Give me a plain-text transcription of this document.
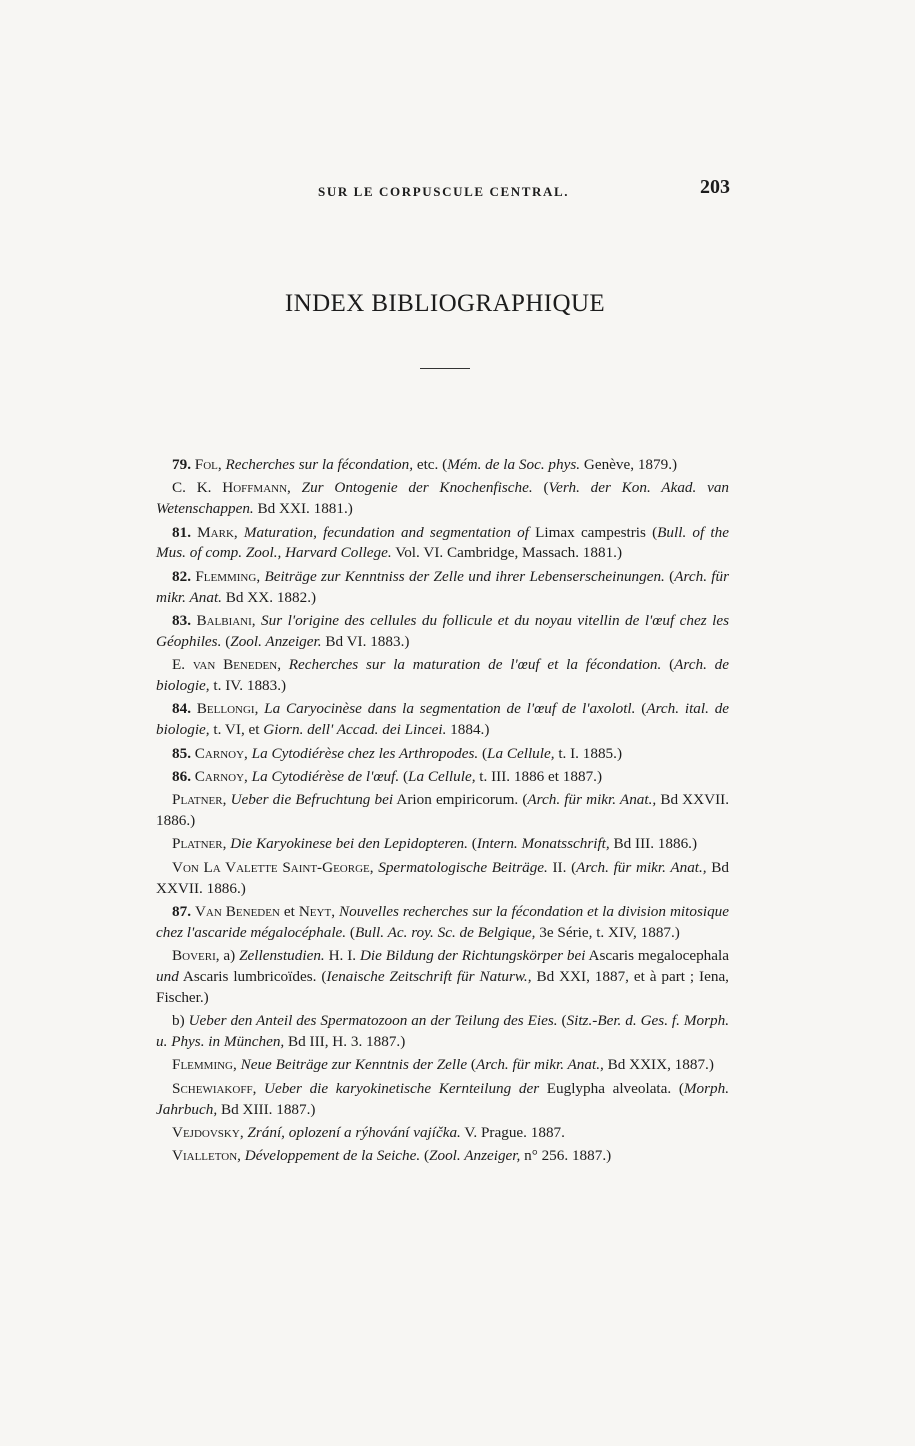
SUR LE CORPUSCULE CENTRAL.	203
INDEX BIBLIOGRAPHIQUE

79. Fol, Recherches sur la fécondation, etc. (Mém. de la Soc. phys. Genève, 1879.)

C. K. Hoffmann, Zur Ontogenie der Knochenfische. (Verh. der Kon. Akad. van Wetenschappen. Bd XXI. 1881.)

81. Mark, Maturation, fecundation and segmentation of Limax campestris (Bull. of the Mus. of comp. Zool., Harvard College. Vol. VI. Cambridge, Massach. 1881.)

82. Flemming, Beiträge zur Kenntniss der Zelle und ihrer Lebenserscheinungen. (Arch. für mikr. Anat. Bd XX. 1882.)

83. Balbiani, Sur l'origine des cellules du follicule et du noyau vitellin de l'œuf chez les Géophiles. (Zool. Anzeiger. Bd VI. 1883.)

E. van Beneden, Recherches sur la maturation de l'œuf et la fécondation. (Arch. de biologie, t. IV. 1883.)

84. Bellongi, La Caryocinèse dans la segmentation de l'œuf de l'axolotl. (Arch. ital. de biologie, t. VI, et Giorn. dell' Accad. dei Lincei. 1884.)

85. Carnoy, La Cytodiérèse chez les Arthropodes. (La Cellule, t. I. 1885.)

86. Carnoy, La Cytodiérèse de l'œuf. (La Cellule, t. III. 1886 et 1887.)

Platner, Ueber die Befruchtung bei Arion empiricorum. (Arch. für mikr. Anat., Bd XXVII. 1886.)

Platner, Die Karyokinese bei den Lepidopteren. (Intern. Monatsschrift, Bd III. 1886.)

Von La Valette Saint-George, Spermatologische Beiträge. II. (Arch. für mikr. Anat., Bd XXVII. 1886.)

87. Van Beneden et Neyt, Nouvelles recherches sur la fécondation et la division mitosique chez l'ascaride mégalocéphale. (Bull. Ac. roy. Sc. de Belgique, 3e Série, t. XIV, 1887.)

Boveri, a) Zellenstudien. H. I. Die Bildung der Richtungskörper bei Ascaris megalocephala und Ascaris lumbricoïdes. (Ienaische Zeitschrift für Naturw., Bd XXI, 1887, et à part ; Iena, Fischer.)

b) Ueber den Anteil des Spermatozoon an der Teilung des Eies. (Sitz.-Ber. d. Ges. f. Morph. u. Phys. in München, Bd III, H. 3. 1887.)

Flemming, Neue Beiträge zur Kenntnis der Zelle (Arch. für mikr. Anat., Bd XXIX, 1887.)

Schewiakoff, Ueber die karyokinetische Kernteilung der Euglypha alveolata. (Morph. Jahrbuch, Bd XIII. 1887.)

Vejdovsky, Zrání, oplození a rýhování vajíčka. V. Prague. 1887.

Vialleton, Développement de la Seiche. (Zool. Anzeiger, n° 256. 1887.)
